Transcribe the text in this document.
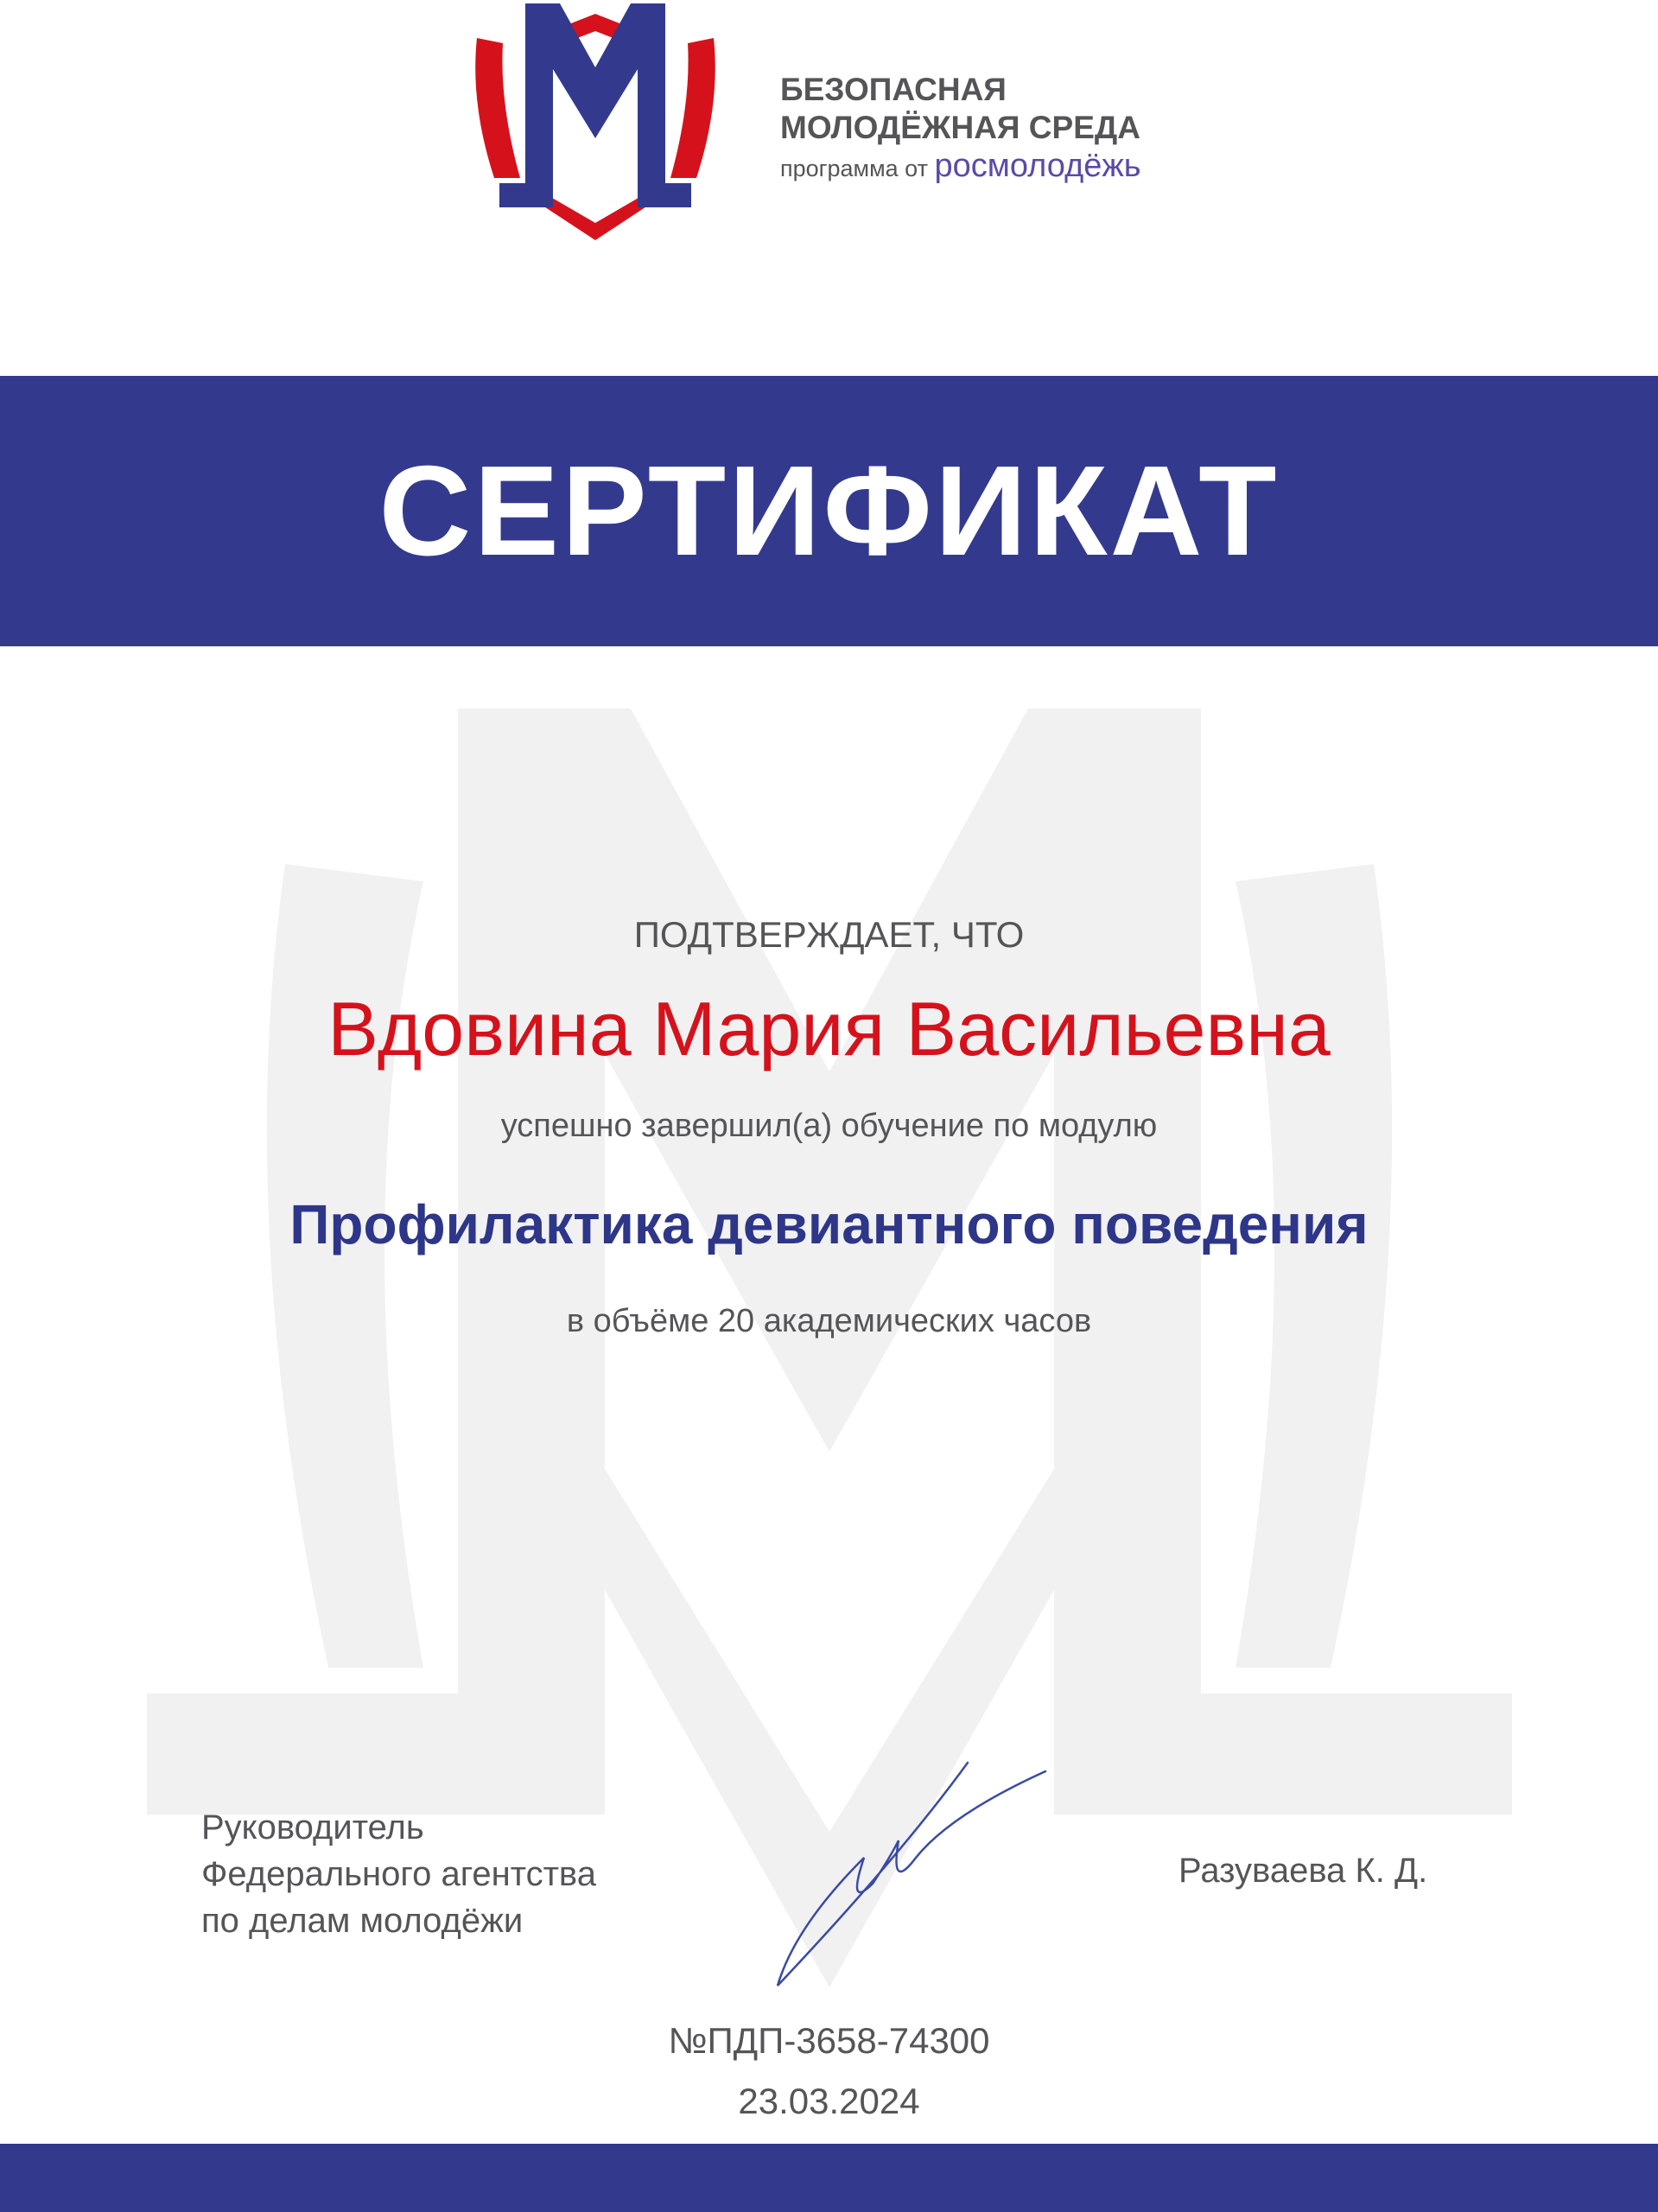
БЕЗОПАСНАЯ
МОЛОДЁЖНАЯ СРЕДА
программа от росмолодёжь
СЕРТИФИКАТ
ПОДТВЕРЖДАЕТ, ЧТО
Вдовина Мария Васильевна
успешно завершил(а) обучение по модулю
Профилактика девиантного поведения
в объёме 20 академических часов
Руководитель
Федерального агентства
по делам молодёжи
Разуваева К. Д.
№ПДП-3658-74300
23.03.2024
